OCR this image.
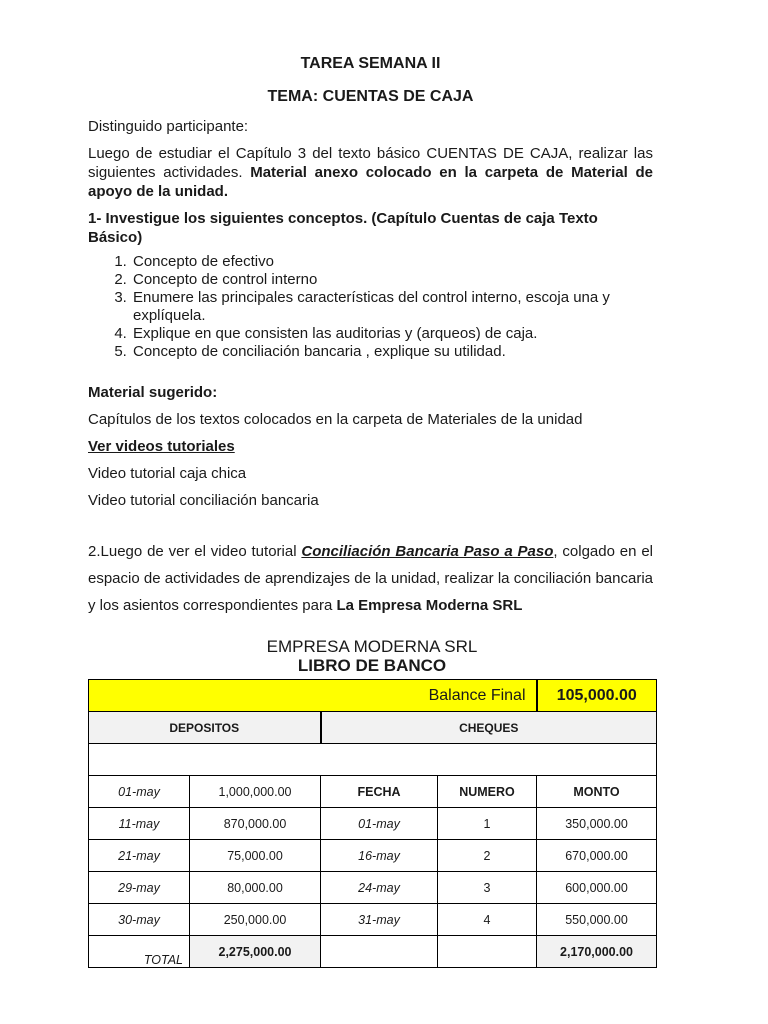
TAREA SEMANA II

TEMA: CUENTAS DE CAJA

Distinguido participante:

Luego de estudiar el Capítulo 3 del texto básico CUENTAS DE CAJA, realizar las siguientes actividades. Material anexo colocado en la carpeta de Material de apoyo de la unidad.

1- Investigue los siguientes conceptos. (Capítulo Cuentas de caja Texto Básico)

1. Concepto de efectivo
2. Concepto de control interno
3. Enumere las principales características del control interno, escoja una y explíquela.
4. Explique en que consisten las auditorias y (arqueos) de caja.
5. Concepto de conciliación bancaria , explique su utilidad.

Material sugerido:

Capítulos de los textos colocados en la carpeta de Materiales de la unidad

Ver videos tutoriales

Video tutorial caja chica

Video tutorial conciliación bancaria

2.Luego de ver el video tutorial Conciliación Bancaria Paso a Paso, colgado en el espacio de actividades de aprendizajes de la unidad, realizar la conciliación bancaria y los asientos correspondientes para La Empresa Moderna SRL

EMPRESA MODERNA SRL
LIBRO DE BANCO
Balance Final				105,000.00
DEPOSITOS		CHEQUES		

01-may	1,000,000.00	FECHA	NUMERO	MONTO
11-may	870,000.00	01-may	1	350,000.00
21-may	75,000.00	16-may	2	670,000.00
29-may	80,000.00	24-may	3	600,000.00
30-may	250,000.00	31-may	4	550,000.00
TOTAL	2,275,000.00			2,170,000.00
